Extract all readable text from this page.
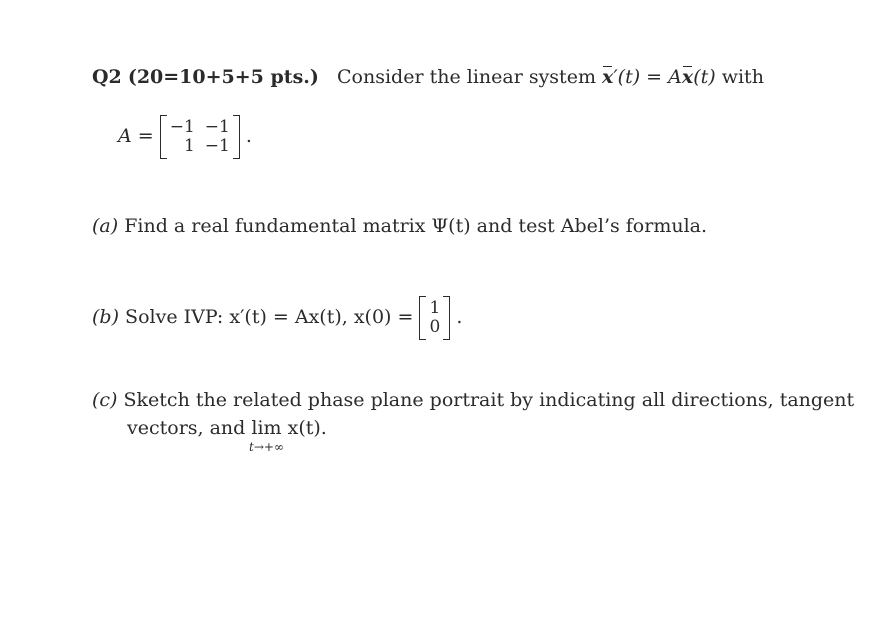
Q2 (20=10+5+5 pts.) Consider the linear system x′(t) = Ax(t) with
A = −1 −1
1 −1 .
(a) Find a real fundamental matrix Ψ(t) and test Abel’s formula.
(b) Solve IVP: x′(t) = Ax(t), x(0) = 1
0 .
(c) Sketch the related phase plane portrait by indicating all directions, tangent
vectors, and lim
t→+∞
x(t).
